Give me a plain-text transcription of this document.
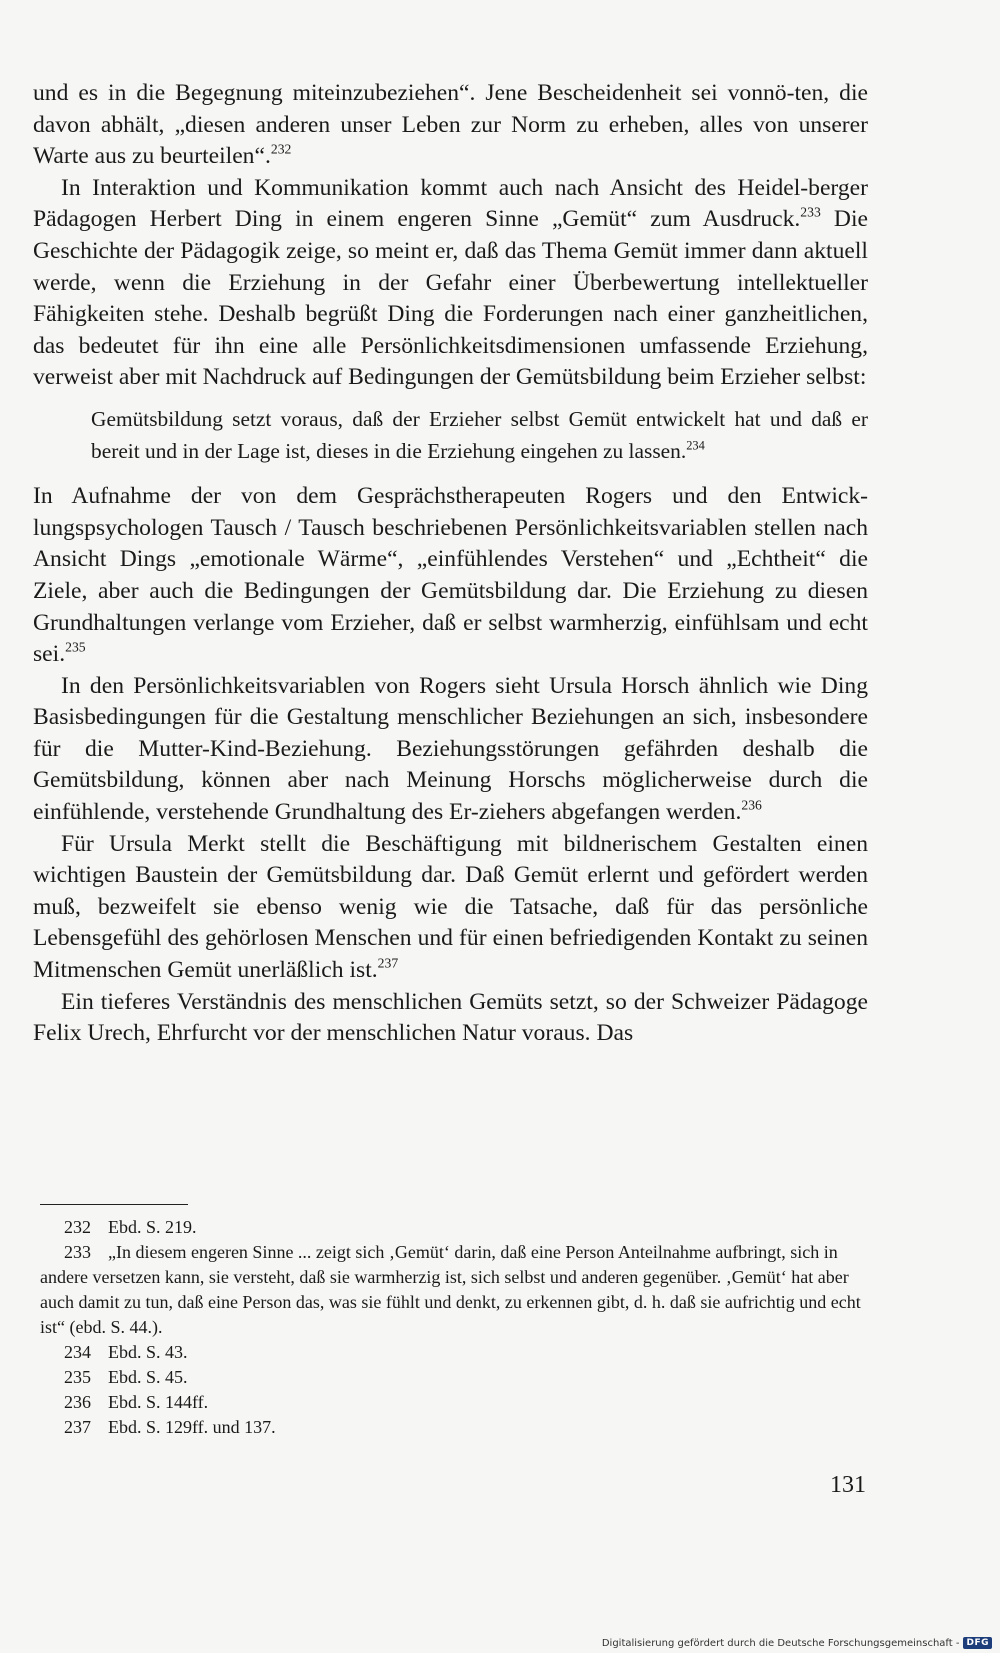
und es in die Begegnung miteinzubeziehen“. Jene Bescheidenheit sei vonnö-ten, die davon abhält, „diesen anderen unser Leben zur Norm zu erheben, alles von unserer Warte aus zu beurteilen“.$^{232}$

In Interaktion und Kommunikation kommt auch nach Ansicht des Heidel-berger Pädagogen Herbert Ding in einem engeren Sinne „Gemüt“ zum Ausdruck.$^{233}$ Die Geschichte der Pädagogik zeige, so meint er, daß das Thema Gemüt immer dann aktuell werde, wenn die Erziehung in der Gefahr einer Überbewertung intellektueller Fähigkeiten stehe. Deshalb begrüßt Ding die Forderungen nach einer ganzheitlichen, das bedeutet für ihn eine alle Persönlichkeitsdimensionen umfassende Erziehung, verweist aber mit Nachdruck auf Bedingungen der Gemütsbildung beim Erzieher selbst:

Gemütsbildung setzt voraus, daß der Erzieher selbst Gemüt entwickelt hat und daß er bereit und in der Lage ist, dieses in die Erziehung eingehen zu lassen.$^{234}$

In Aufnahme der von dem Gesprächstherapeuten Rogers und den Entwick-lungspsychologen Tausch / Tausch beschriebenen Persönlichkeitsvariablen stellen nach Ansicht Dings „emotionale Wärme“, „einfühlendes Verstehen“ und „Echtheit“ die Ziele, aber auch die Bedingungen der Gemütsbildung dar. Die Erziehung zu diesen Grundhaltungen verlange vom Erzieher, daß er selbst warmherzig, einfühlsam und echt sei.$^{235}$

In den Persönlichkeitsvariablen von Rogers sieht Ursula Horsch ähnlich wie Ding Basisbedingungen für die Gestaltung menschlicher Beziehungen an sich, insbesondere für die Mutter-Kind-Beziehung. Beziehungsstörungen gefährden deshalb die Gemütsbildung, können aber nach Meinung Horschs möglicherweise durch die einfühlende, verstehende Grundhaltung des Er-ziehers abgefangen werden.$^{236}$

Für Ursula Merkt stellt die Beschäftigung mit bildnerischem Gestalten einen wichtigen Baustein der Gemütsbildung dar. Daß Gemüt erlernt und gefördert werden muß, bezweifelt sie ebenso wenig wie die Tatsache, daß für das persönliche Lebensgefühl des gehörlosen Menschen und für einen befriedigenden Kontakt zu seinen Mitmenschen Gemüt unerläßlich ist.$^{237}$

Ein tieferes Verständnis des menschlichen Gemüts setzt, so der Schweizer Pädagoge Felix Urech, Ehrfurcht vor der menschlichen Natur voraus. Das

232 Ebd. S. 219.
233 „In diesem engeren Sinne ... zeigt sich ‚Gemüt‘ darin, daß eine Person Anteilnahme aufbringt, sich in andere versetzen kann, sie versteht, daß sie warmherzig ist, sich selbst und anderen gegenüber. ‚Gemüt‘ hat aber auch damit zu tun, daß eine Person das, was sie fühlt und denkt, zu erkennen gibt, d. h. daß sie aufrichtig und echt ist“ (ebd. S. 44.).
234 Ebd. S. 43.
235 Ebd. S. 45.
236 Ebd. S. 144ff.
237 Ebd. S. 129ff. und 137.
131
Digitalisierung gefördert durch die Deutsche Forschungsgemeinschaft - DFG
